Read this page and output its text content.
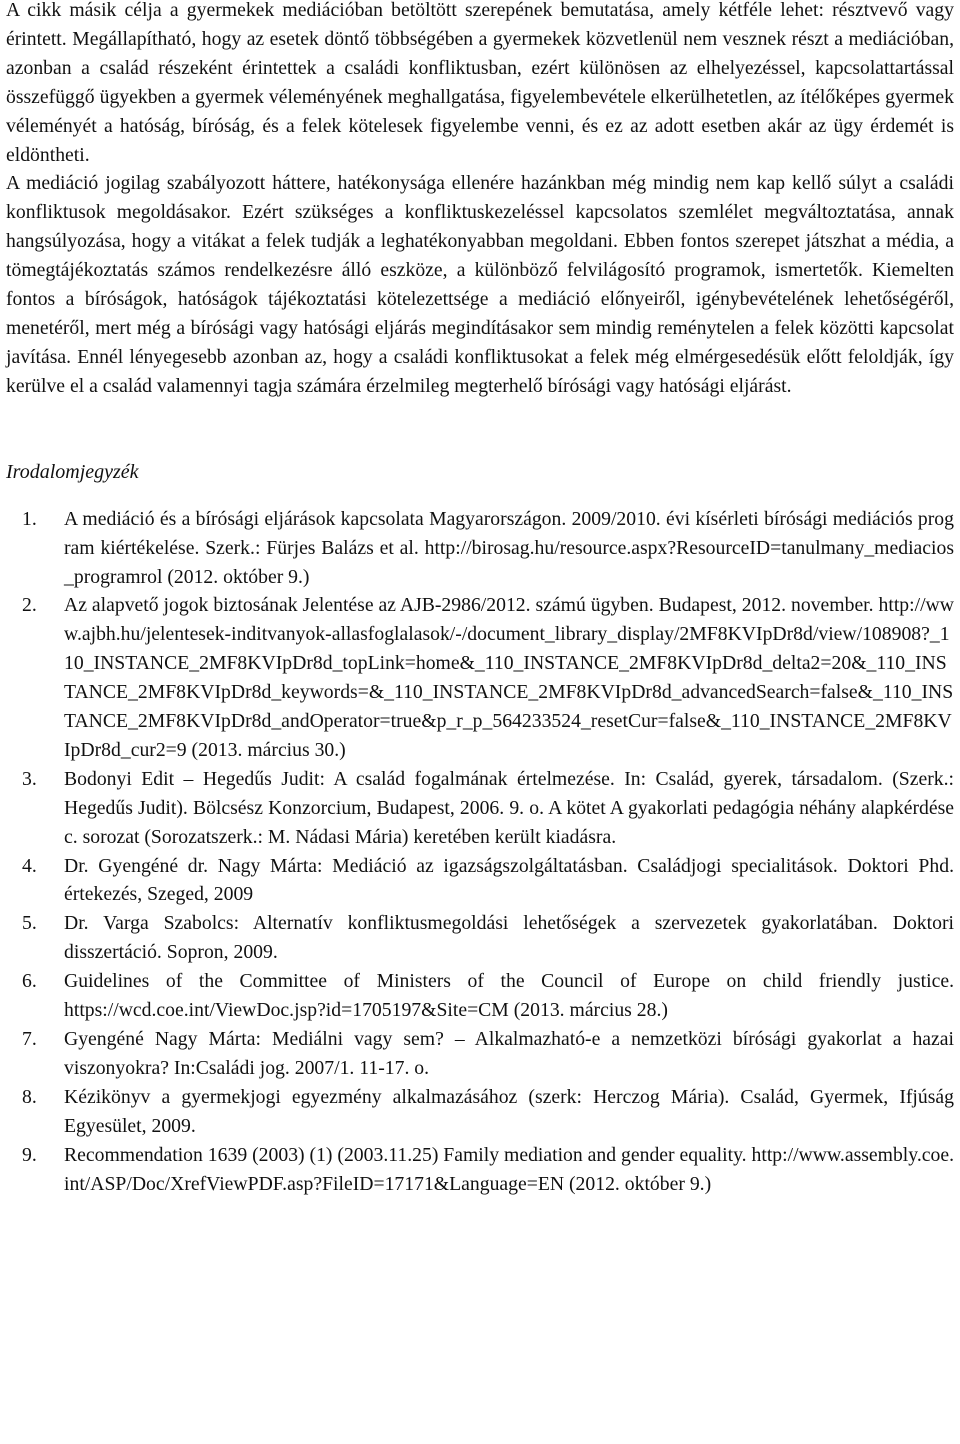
A cikk másik célja a gyermekek mediációban betöltött szerepének bemutatása, amely kétféle lehet: résztvevő vagy érintett. Megállapítható, hogy az esetek döntő többségében a gyermekek közvetlenül nem vesznek részt a mediációban, azonban a család részeként érintettek a családi konfliktusban, ezért különösen az elhelyezéssel, kapcsolattartással összefüggő ügyekben a gyermek véleményének meghallgatása, figyelembevétele elkerülhetetlen, az ítélőképes gyermek véleményét a hatóság, bíróság, és a felek kötelesek figyelembe venni, és ez az adott esetben akár az ügy érdemét is eldöntheti.

A mediáció jogilag szabályozott háttere, hatékonysága ellenére hazánkban még mindig nem kap kellő súlyt a családi konfliktusok megoldásakor. Ezért szükséges a konfliktuskezeléssel kapcsolatos szemlélet megváltoztatása, annak hangsúlyozása, hogy a vitákat a felek tudják a leghatékonyabban megoldani. Ebben fontos szerepet játszhat a média, a tömegtájékoztatás számos rendelkezésre álló eszköze, a különböző felvilágosító programok, ismertetők. Kiemelten fontos a bíróságok, hatóságok tájékoztatási kötelezettsége a mediáció előnyeiről, igénybevételének lehetőségéről, menetéről, mert még a bírósági vagy hatósági eljárás megindításakor sem mindig reménytelen a felek közötti kapcsolat javítása. Ennél lényegesebb azonban az, hogy a családi konfliktusokat a felek még elmérgesedésük előtt feloldják, így kerülve el a család valamennyi tagja számára érzelmileg megterhelő bírósági vagy hatósági eljárást.

Irodalomjegyzék

1. A mediáció és a bírósági eljárások kapcsolata Magyarországon. 2009/2010. évi kísérleti bírósági mediációs program kiértékelése. Szerk.: Fürjes Balázs et al. http://birosag.hu/resource.aspx?ResourceID=tanulmany_mediacios_programrol (2012. október 9.)
2. Az alapvető jogok biztosának Jelentése az AJB-2986/2012. számú ügyben. Budapest, 2012. november. http://www.ajbh.hu/jelentesek-inditvanyok-allasfoglalasok/-/document_library_display/2MF8KVIpDr8d/view/108908?_110_INSTANCE_2MF8KVIpDr8d_topLink=home&_110_INSTANCE_2MF8KVIpDr8d_delta2=20&_110_INSTANCE_2MF8KVIpDr8d_keywords=&_110_INSTANCE_2MF8KVIpDr8d_advancedSearch=false&_110_INSTANCE_2MF8KVIpDr8d_andOperator=true&p_r_p_564233524_resetCur=false&_110_INSTANCE_2MF8KVIpDr8d_cur2=9 (2013. március 30.)
3. Bodonyi Edit – Hegedűs Judit: A család fogalmának értelmezése. In: Család, gyerek, társadalom. (Szerk.: Hegedűs Judit). Bölcsész Konzorcium, Budapest, 2006. 9. o. A kötet A gyakorlati pedagógia néhány alapkérdése c. sorozat (Sorozatszerk.: M. Nádasi Mária) keretében került kiadásra.
4. Dr. Gyengéné dr. Nagy Márta: Mediáció az igazságszolgáltatásban. Családjogi specialitások. Doktori Phd. értekezés, Szeged, 2009
5. Dr. Varga Szabolcs: Alternatív konfliktusmegoldási lehetőségek a szervezetek gyakorlatában. Doktori disszertáció. Sopron, 2009.
6. Guidelines of the Committee of Ministers of the Council of Europe on child friendly justice. https://wcd.coe.int/ViewDoc.jsp?id=1705197&Site=CM (2013. március 28.)
7. Gyengéné Nagy Márta: Mediálni vagy sem? – Alkalmazható-e a nemzetközi bírósági gyakorlat a hazai viszonyokra? In:Családi jog. 2007/1. 11-17. o.
8. Kézikönyv a gyermekjogi egyezmény alkalmazásához (szerk: Herczog Mária). Család, Gyermek, Ifjúság Egyesület, 2009.
9. Recommendation 1639 (2003) (1) (2003.11.25) Family mediation and gender equality. http://www.assembly.coe.int/ASP/Doc/XrefViewPDF.asp?FileID=17171&Language=EN (2012. október 9.)
